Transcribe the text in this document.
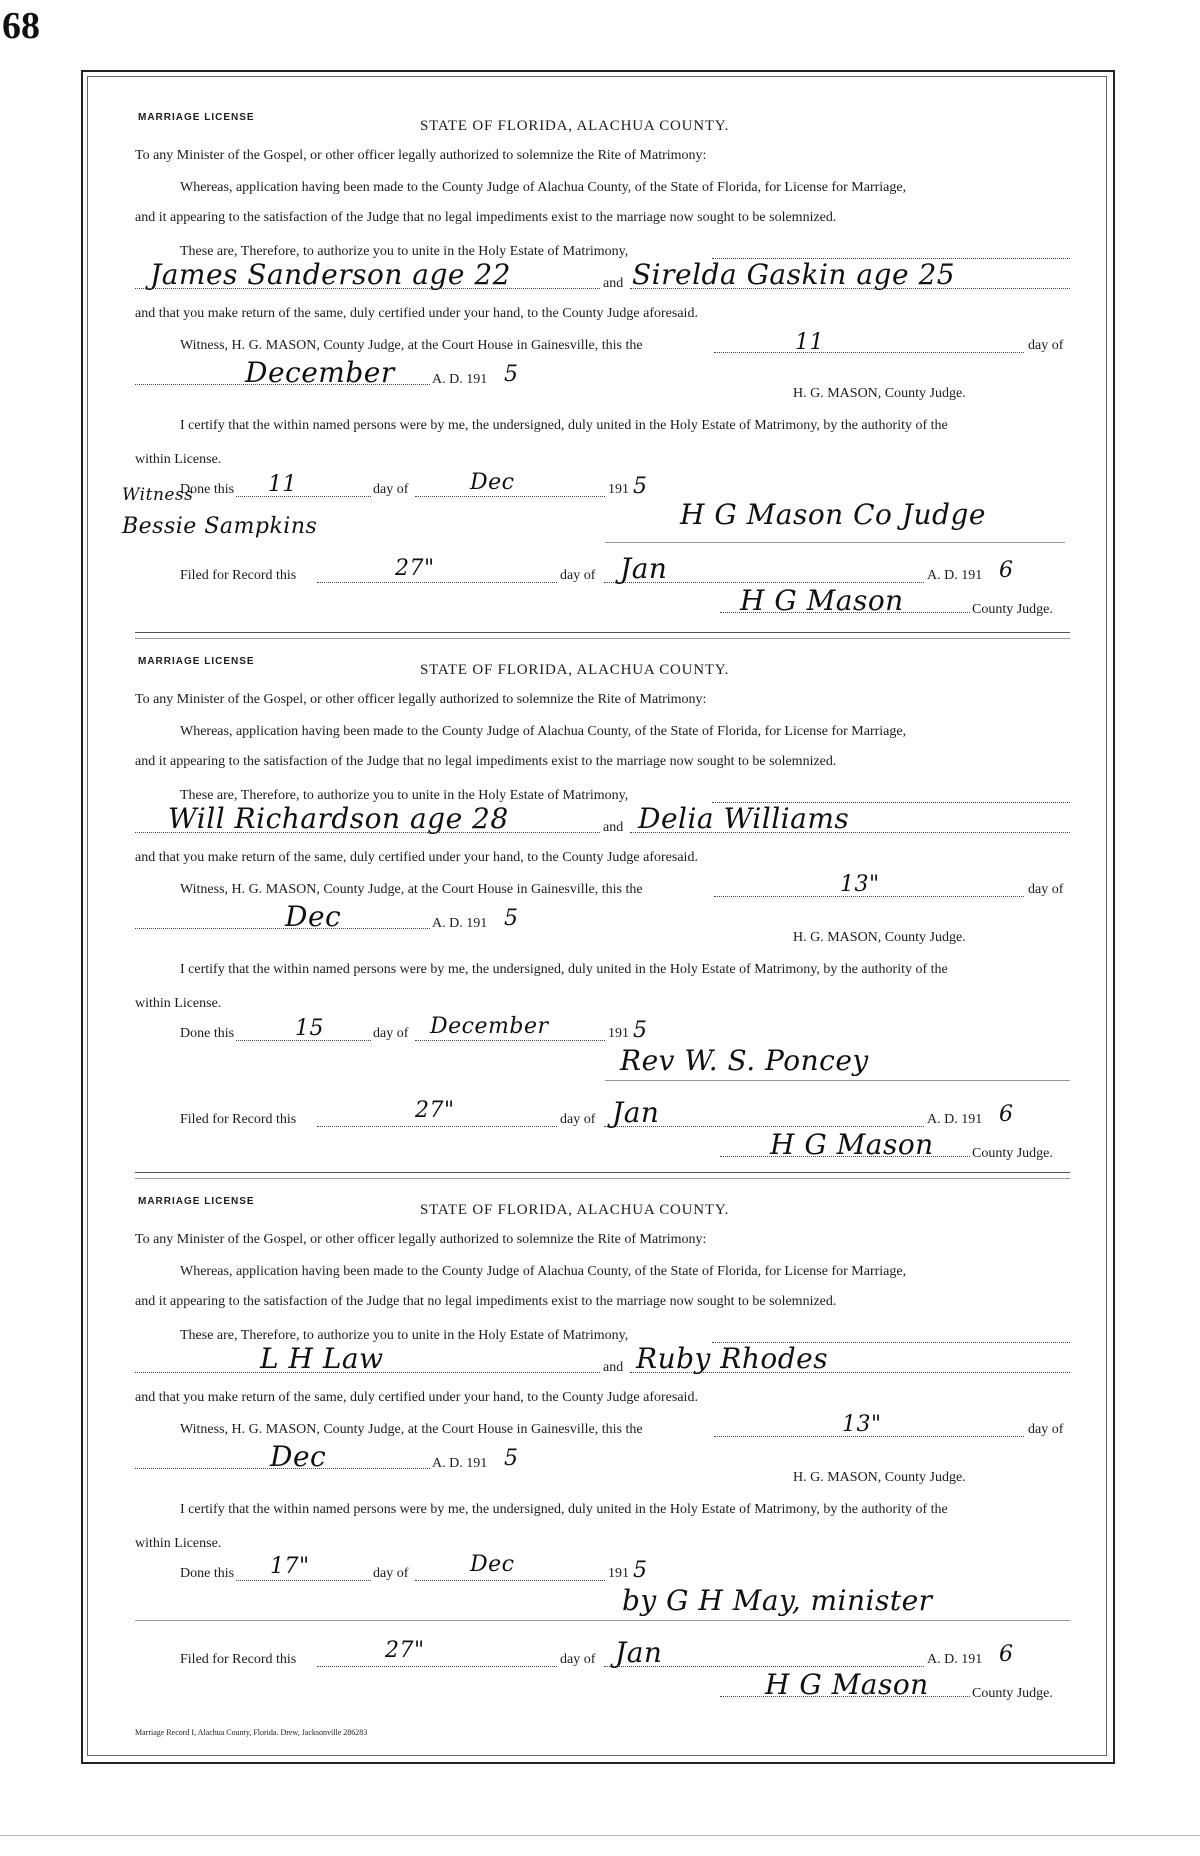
68
MARRIAGE LICENSE
STATE OF FLORIDA, ALACHUA COUNTY.
To any Minister of the Gospel, or other officer legally authorized to solemnize the Rite of Matrimony:
Whereas, application having been made to the County Judge of Alachua County, of the State of Florida, for License for Marriage,
and it appearing to the satisfaction of the Judge that no legal impediments exist to the marriage now sought to be solemnized.
These are, Therefore, to authorize you to unite in the Holy Estate of Matrimony,
James Sanderson age 22	and Sirelda Gaskin age 25
and that you make return of the same, duly certified under your hand, to the County Judge aforesaid.
Witness, H. G. MASON, County Judge, at the Court House in Gainesville, this the	11	day of
December	A. D. 191 5
H. G. MASON, County Judge.
I certify that the within named persons were by me, the undersigned, duly united in the Holy Estate of Matrimony, by the authority of the
within License.
Witness
Done this 11	day of	Dec	191 5
Bessie Sampkins	H G Mason Co Judge
Filed for Record this	27"	day of Jan	A. D. 191 6
H G Mason	County Judge.
MARRIAGE LICENSE
STATE OF FLORIDA, ALACHUA COUNTY.
To any Minister of the Gospel, or other officer legally authorized to solemnize the Rite of Matrimony:
Whereas, application having been made to the County Judge of Alachua County, of the State of Florida, for License for Marriage,
and it appearing to the satisfaction of the Judge that no legal impediments exist to the marriage now sought to be solemnized.
These are, Therefore, to authorize you to unite in the Holy Estate of Matrimony,
Will Richardson age 28	and Delia Williams
and that you make return of the same, duly certified under your hand, to the County Judge aforesaid.
Witness, H. G. MASON, County Judge, at the Court House in Gainesville, this the	13"	day of
Dec	A. D. 191 5
H. G. MASON, County Judge.
I certify that the within named persons were by me, the undersigned, duly united in the Holy Estate of Matrimony, by the authority of the
within License.
Done this	15	day of December	191 5
Rev W. S. Poncey
Filed for Record this	27"	day of Jan	A. D. 191 6
H G Mason	County Judge.
MARRIAGE LICENSE
STATE OF FLORIDA, ALACHUA COUNTY.
To any Minister of the Gospel, or other officer legally authorized to solemnize the Rite of Matrimony:
Whereas, application having been made to the County Judge of Alachua County, of the State of Florida, for License for Marriage,
and it appearing to the satisfaction of the Judge that no legal impediments exist to the marriage now sought to be solemnized.
These are, Therefore, to authorize you to unite in the Holy Estate of Matrimony,
L H Law	and Ruby Rhodes
and that you make return of the same, duly certified under your hand, to the County Judge aforesaid.
Witness, H. G. MASON, County Judge, at the Court House in Gainesville, this the	13"	day of
Dec	A. D. 191 5
H. G. MASON, County Judge.
I certify that the within named persons were by me, the undersigned, duly united in the Holy Estate of Matrimony, by the authority of the
within License.
Done this 17"	day of	Dec	191 5
by G H May, minister
Filed for Record this	27"	day of Jan	A. D. 191 6
H G Mason	County Judge.
Marriage Record I, Alachua County, Florida. Drew, Jacksonville 286283
